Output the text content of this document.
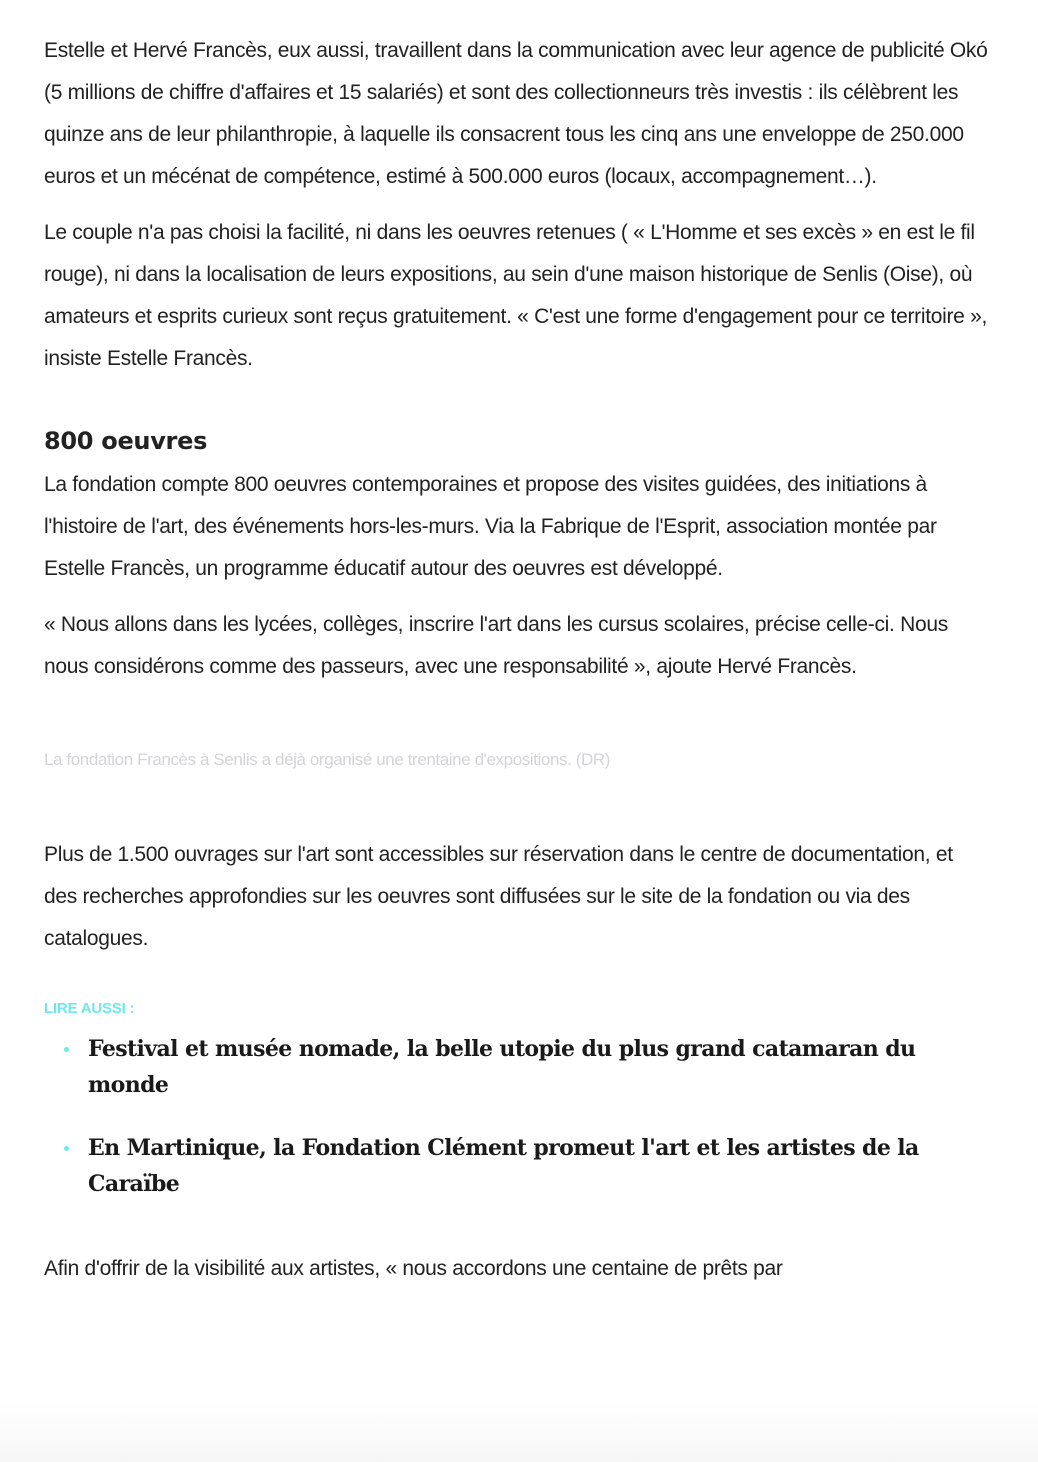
Estelle et Hervé Francès, eux aussi, travaillent dans la communication avec leur agence de publicité Okó (5 millions de chiffre d'affaires et 15 salariés) et sont des collectionneurs très investis : ils célèbrent les quinze ans de leur philanthropie, à laquelle ils consacrent tous les cinq ans une enveloppe de 250.000 euros et un mécénat de compétence, estimé à 500.000 euros (locaux, accompagnement…).

Le couple n'a pas choisi la facilité, ni dans les oeuvres retenues ( « L'Homme et ses excès » en est le fil rouge), ni dans la localisation de leurs expositions, au sein d'une maison historique de Senlis (Oise), où amateurs et esprits curieux sont reçus gratuitement. « C'est une forme d'engagement pour ce territoire », insiste Estelle Francès.

800 oeuvres

La fondation compte 800 oeuvres contemporaines et propose des visites guidées, des initiations à l'histoire de l'art, des événements hors-les-murs. Via la Fabrique de l'Esprit, association montée par Estelle Francès, un programme éducatif autour des oeuvres est développé.

« Nous allons dans les lycées, collèges, inscrire l'art dans les cursus scolaires, précise celle-ci. Nous nous considérons comme des passeurs, avec une responsabilité », ajoute Hervé Francès.

La fondation Francès à Senlis a déjà organisé une trentaine d'expositions. (DR)

Plus de 1.500 ouvrages sur l'art sont accessibles sur réservation dans le centre de documentation, et des recherches approfondies sur les oeuvres sont diffusées sur le site de la fondation ou via des catalogues.

LIRE AUSSI :
Festival et musée nomade, la belle utopie du plus grand catamaran du monde
En Martinique, la Fondation Clément promeut l'art et les artistes de la Caraïbe

Afin d'offrir de la visibilité aux artistes, « nous accordons une centaine de prêts par
